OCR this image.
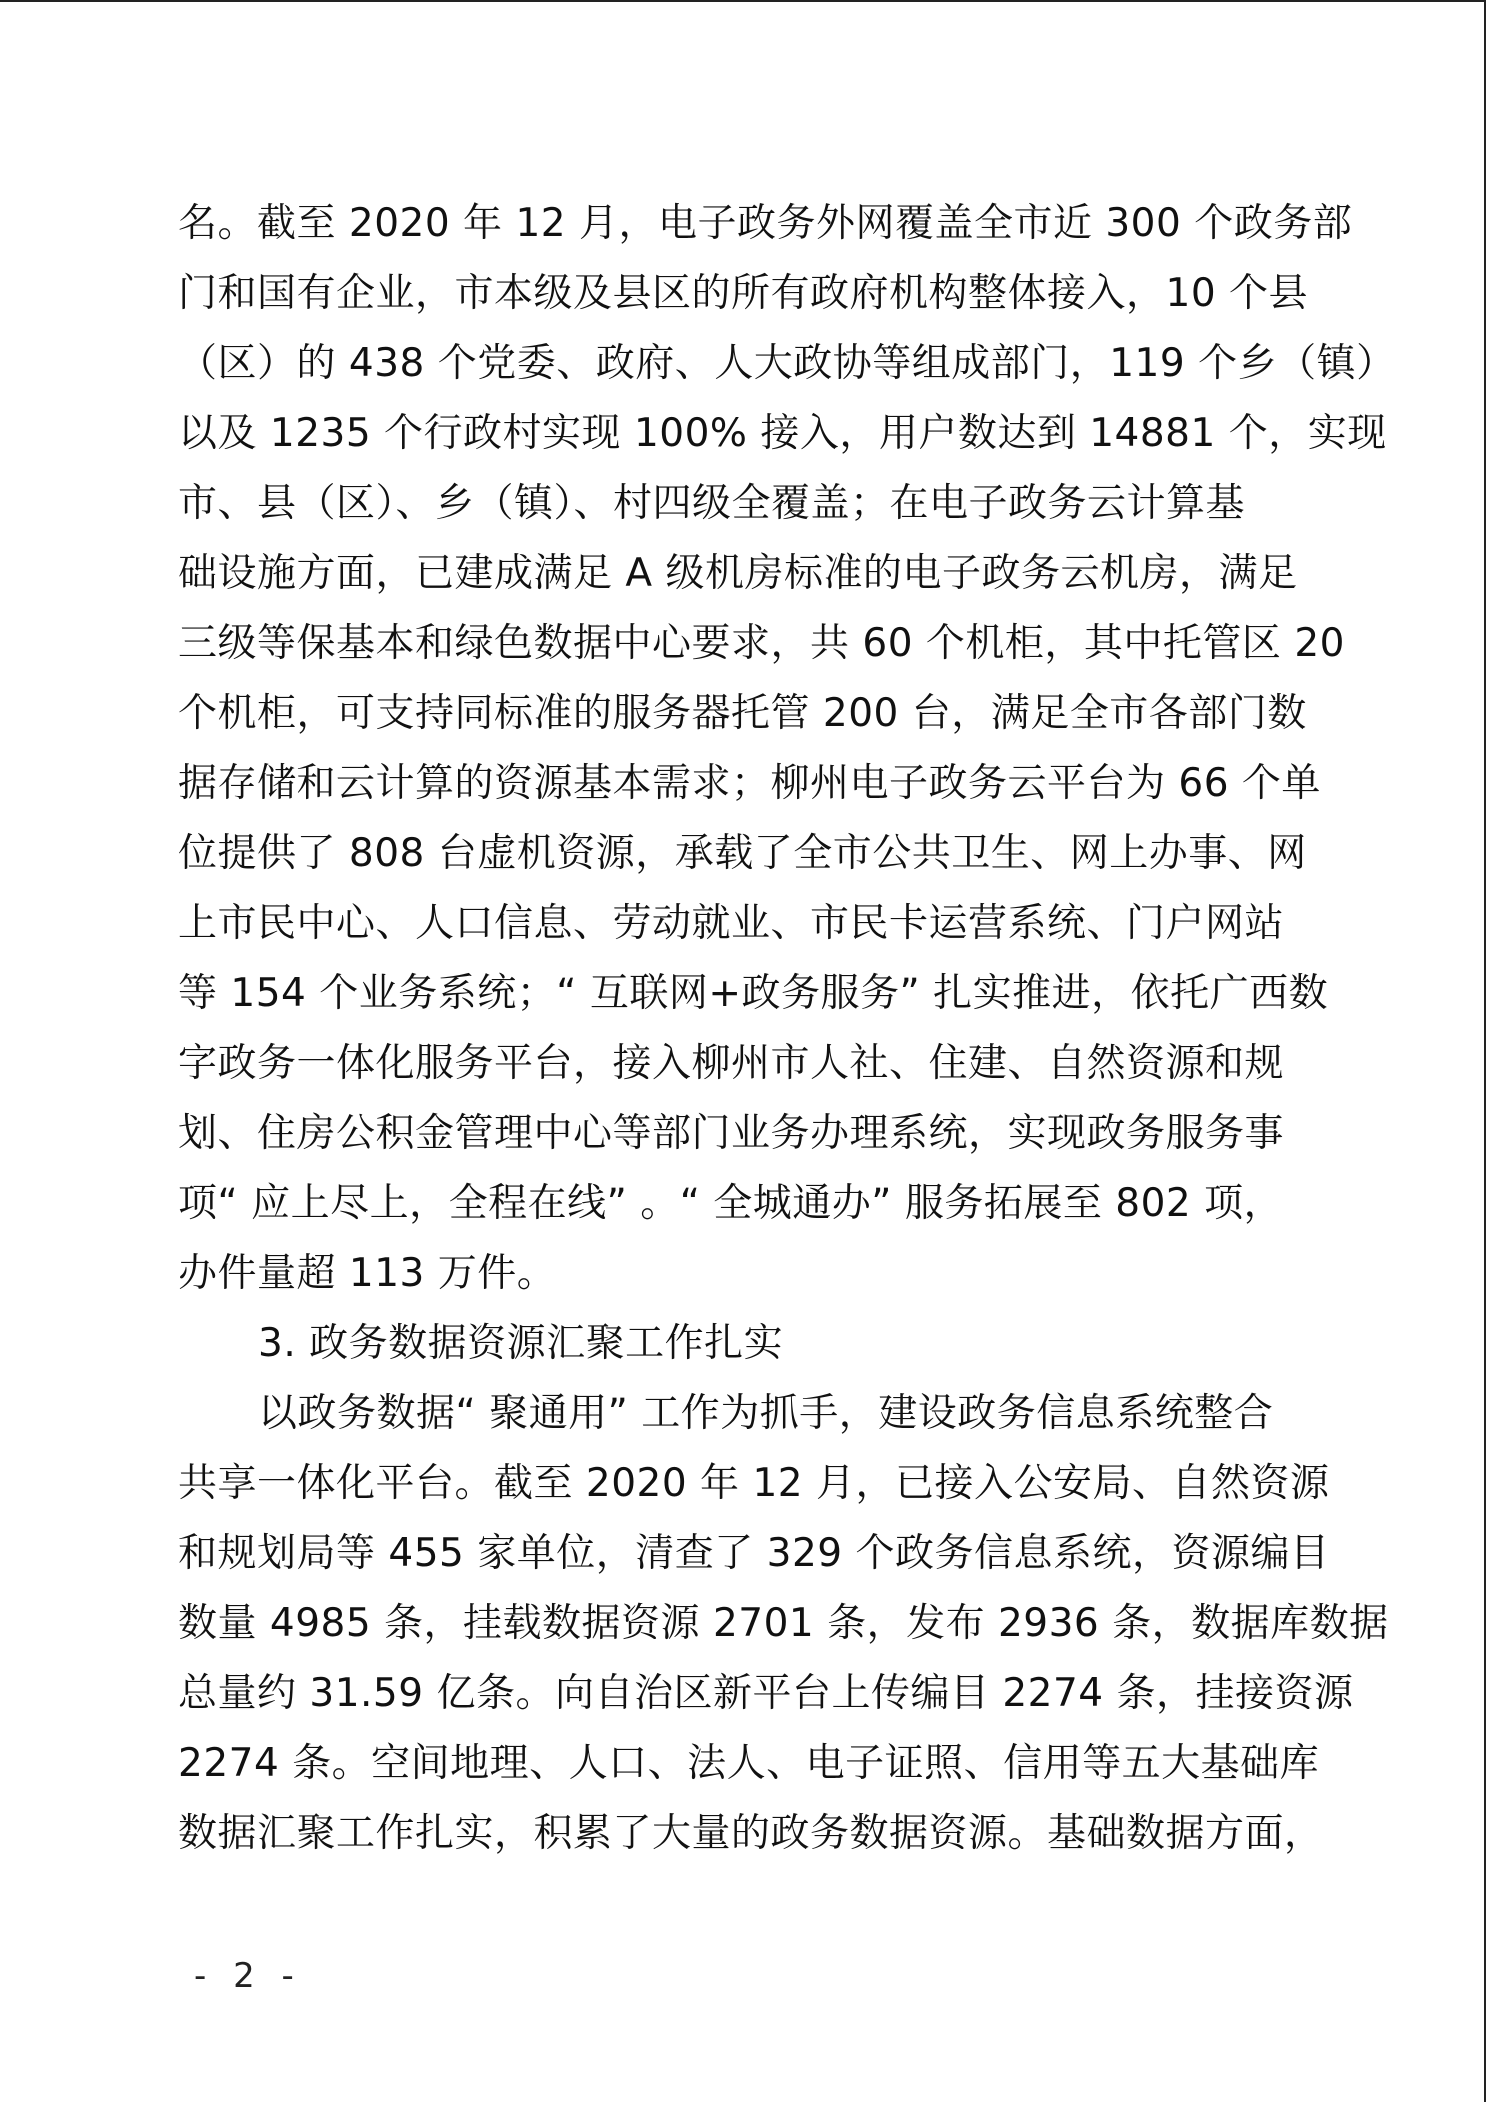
名。截至 2020 年 12 月，电子政务外网覆盖全市近 300 个政务部
门和国有企业，市本级及县区的所有政府机构整体接入，10 个县
（区）的 438 个党委、政府、人大政协等组成部门，119 个乡（镇）
以及 1235 个行政村实现 100% 接入，用户数达到 14881 个，实现
市、县（区）、乡（镇）、村四级全覆盖；在电子政务云计算基
础设施方面，已建成满足 A 级机房标准的电子政务云机房，满足
三级等保基本和绿色数据中心要求，共 60 个机柜，其中托管区 20
个机柜，可支持同标准的服务器托管 200 台，满足全市各部门数
据存储和云计算的资源基本需求；柳州电子政务云平台为 66 个单
位提供了 808 台虚机资源，承载了全市公共卫生、网上办事、网
上市民中心、人口信息、劳动就业、市民卡运营系统、门户网站
等 154 个业务系统；“ 互联网+政务服务” 扎实推进，依托广西数
字政务一体化服务平台，接入柳州市人社、住建、自然资源和规
划、住房公积金管理中心等部门业务办理系统，实现政务服务事
项“ 应上尽上，全程在线” 。“ 全城通办” 服务拓展至 802 项，
办件量超 113 万件。
3. 政务数据资源汇聚工作扎实
以政务数据“ 聚通用” 工作为抓手，建设政务信息系统整合
共享一体化平台。截至 2020 年 12 月，已接入公安局、自然资源
和规划局等 455 家单位，清查了 329 个政务信息系统，资源编目
数量 4985 条，挂载数据资源 2701 条，发布 2936 条，数据库数据
总量约 31.59 亿条。向自治区新平台上传编目 2274 条，挂接资源
2274 条。空间地理、人口、法人、电子证照、信用等五大基础库
数据汇聚工作扎实，积累了大量的政务数据资源。基础数据方面，
- 2 -
